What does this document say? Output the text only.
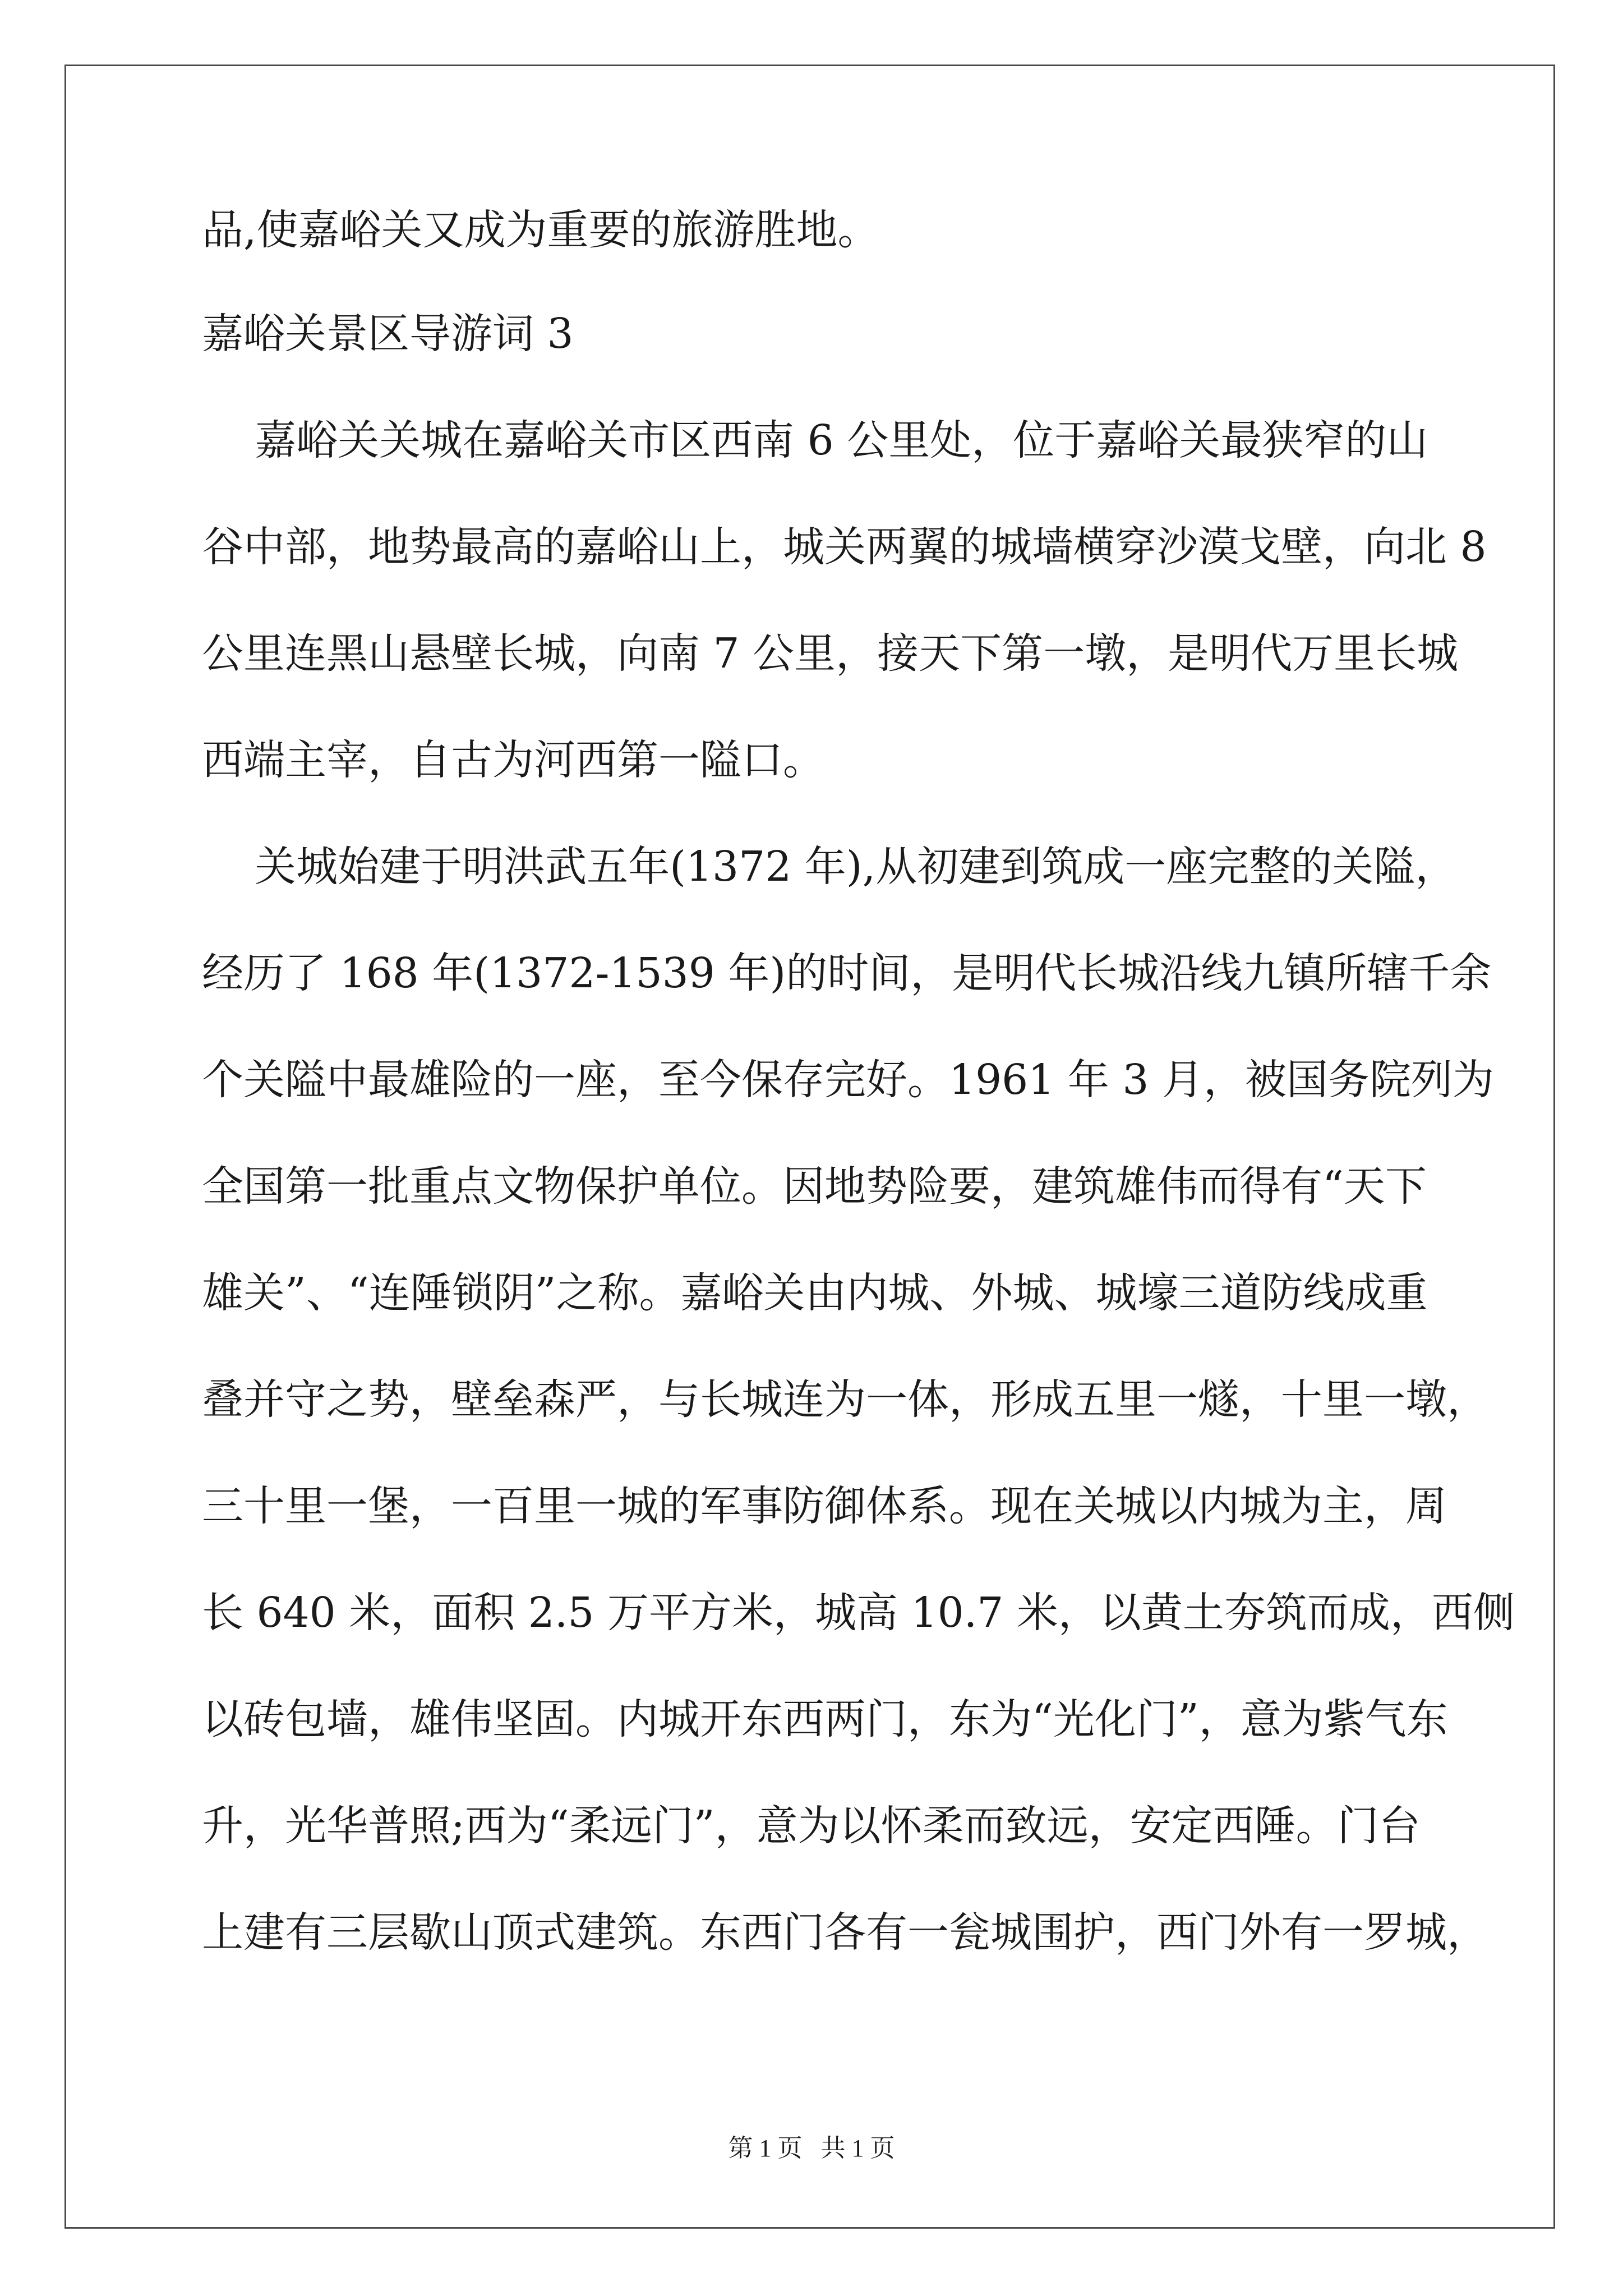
品,使嘉峪关又成为重要的旅游胜地。

嘉峪关景区导游词 3

嘉峪关关城在嘉峪关市区西南 6 公里处，位于嘉峪关最狭窄的山

谷中部，地势最高的嘉峪山上，城关两翼的城墙横穿沙漠戈壁，向北 8

公里连黑山悬壁长城，向南 7 公里，接天下第一墩，是明代万里长城

西端主宰，自古为河西第一隘口。

关城始建于明洪武五年(1372 年),从初建到筑成一座完整的关隘，

经历了 168 年(1372-1539 年)的时间，是明代长城沿线九镇所辖千余

个关隘中最雄险的一座，至今保存完好。1961 年 3 月，被国务院列为

全国第一批重点文物保护单位。因地势险要，建筑雄伟而得有“天下

雄关”、“连陲锁阴”之称。嘉峪关由内城、外城、城壕三道防线成重

叠并守之势，壁垒森严，与长城连为一体，形成五里一燧，十里一墩，

三十里一堡，一百里一城的军事防御体系。现在关城以内城为主，周

长 640 米，面积 2.5 万平方米，城高 10.7 米，以黄土夯筑而成，西侧

以砖包墙，雄伟坚固。内城开东西两门，东为“光化门”，意为紫气东

升，光华普照;西为“柔远门”，意为以怀柔而致远，安定西陲。门台

上建有三层歇山顶式建筑。东西门各有一瓮城围护，西门外有一罗城，

第 1 页   共 1 页
